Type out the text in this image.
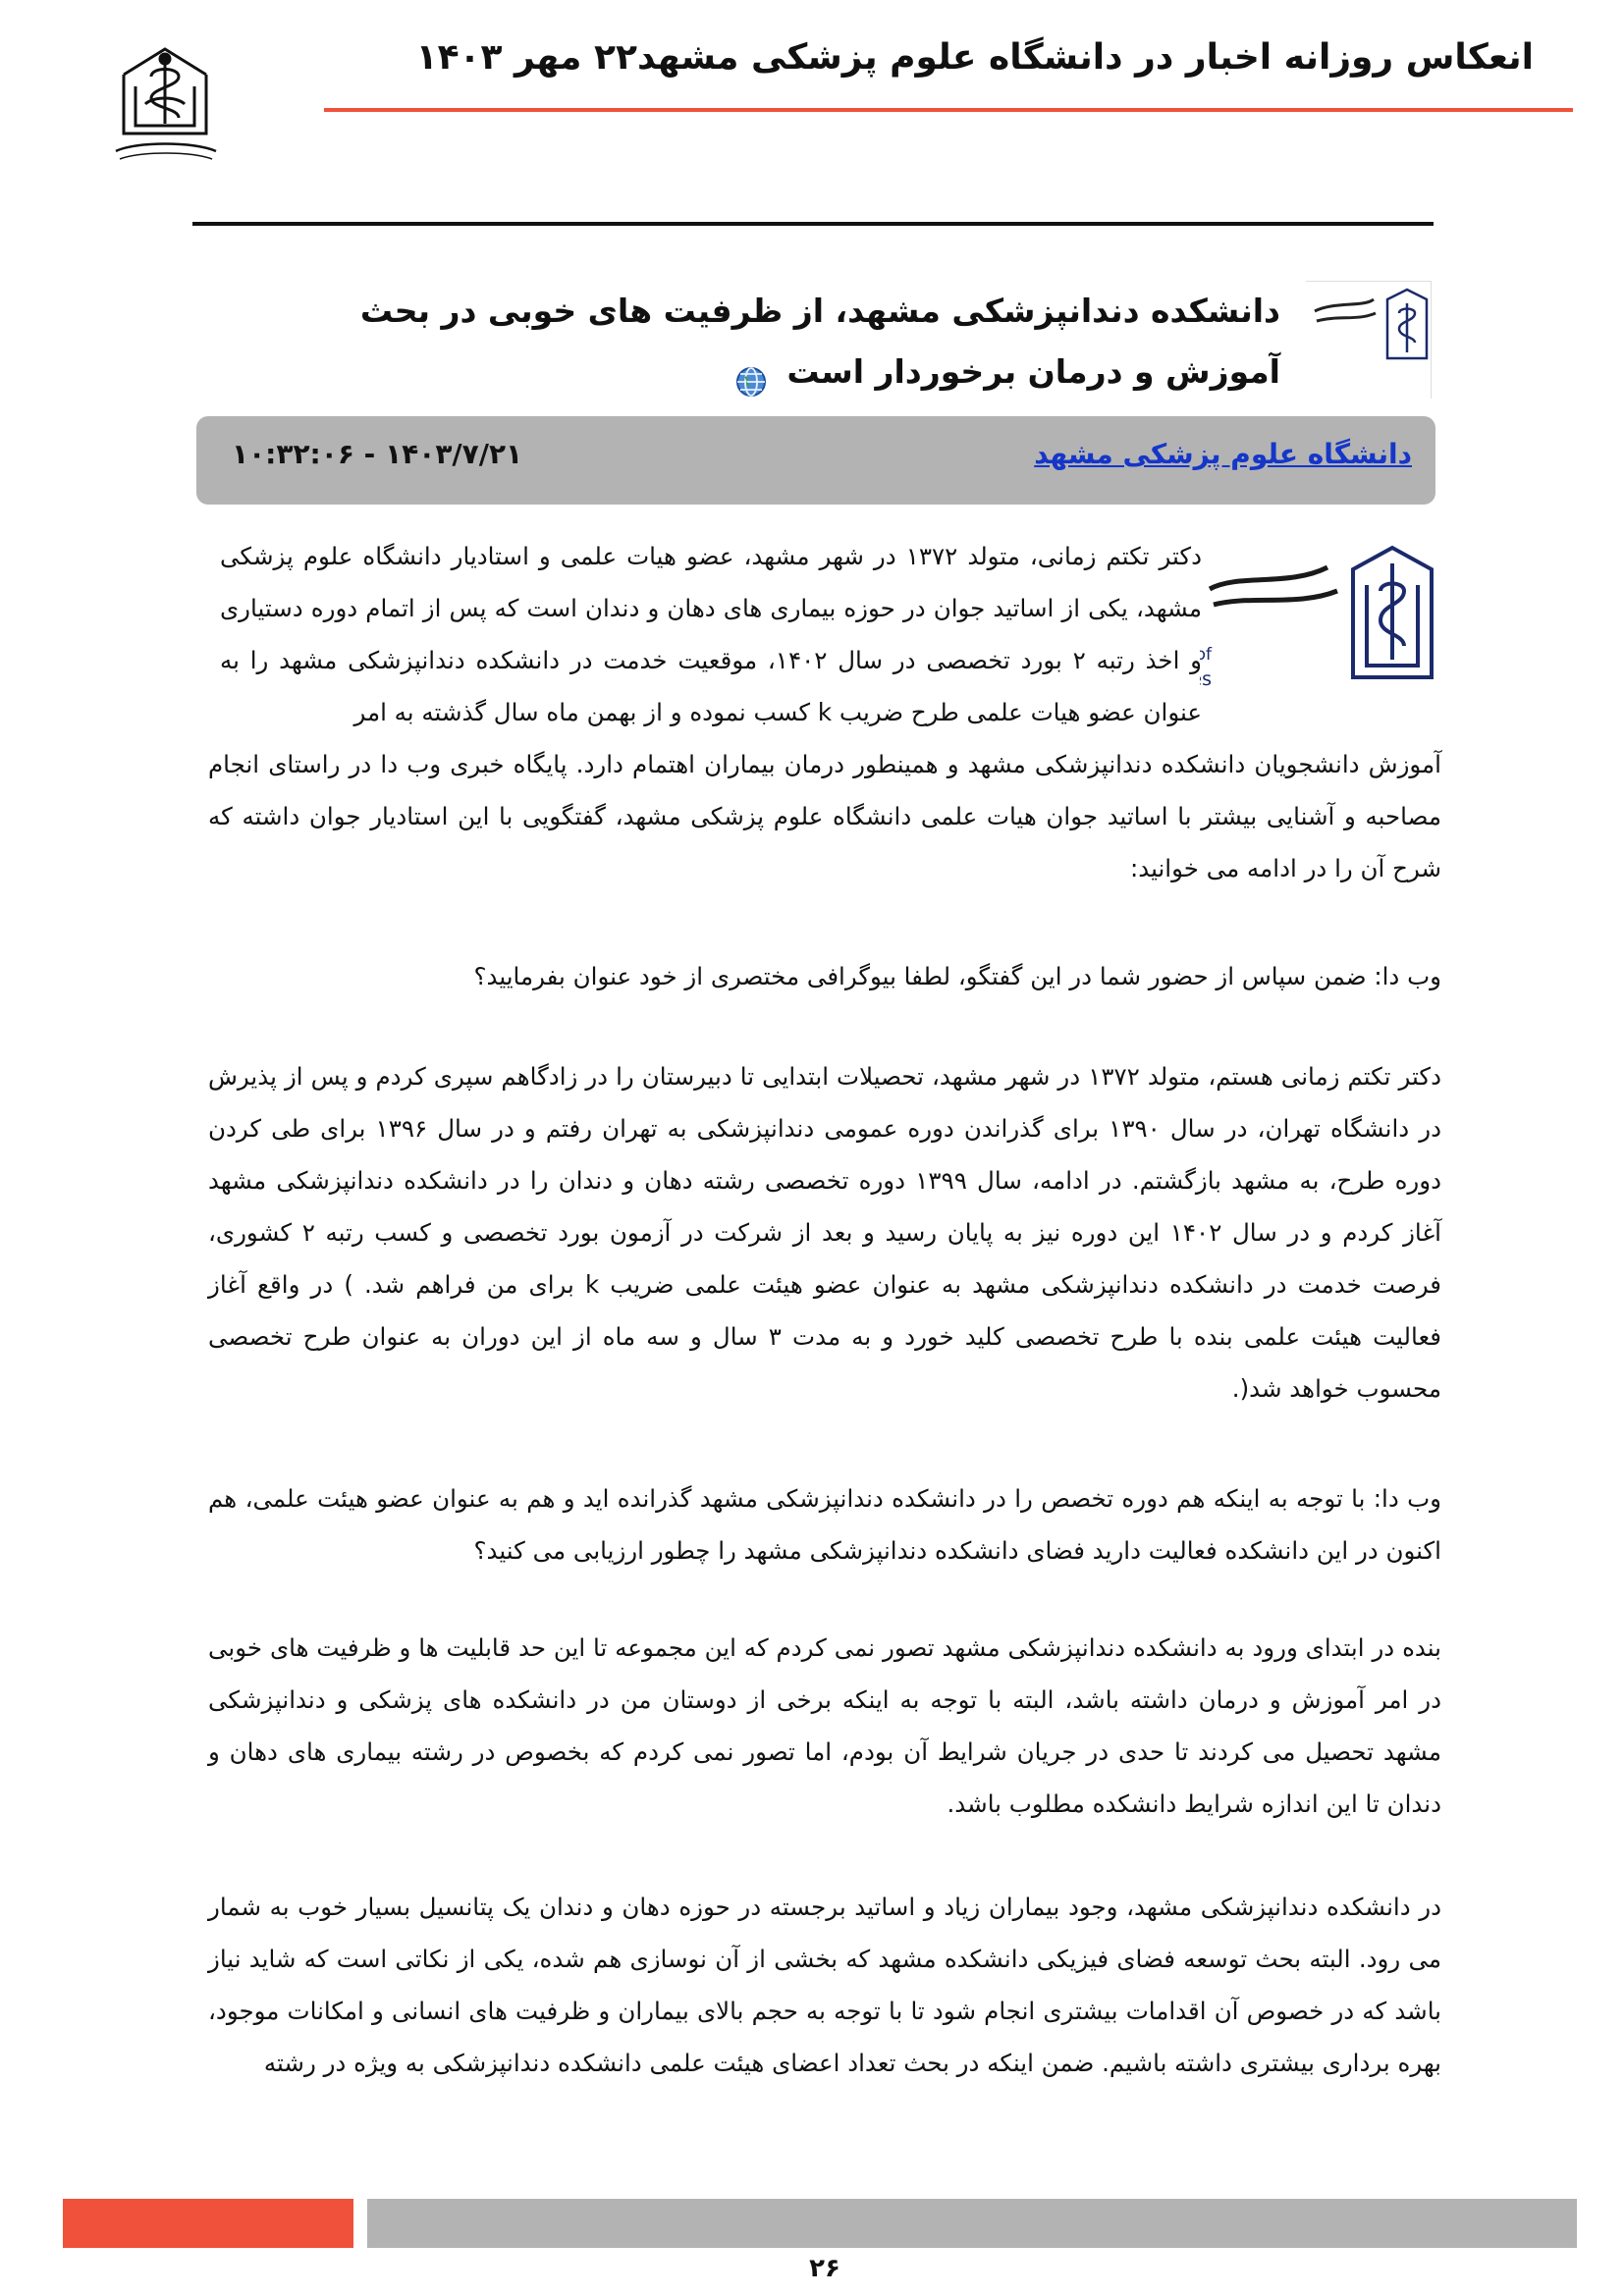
انعکاس روزانه اخبار در دانشگاه علوم پزشکی مشهد۲۲ مهر ۱۴۰۳
دانشکده دندانپزشکی مشهد، از ظرفیت های خوبی در بحث آموزش و درمان برخوردار است
دانشگاه علوم پزشکی مشهد
۱۴۰۳/۷/۲۱ - ۱۰:۳۲:۰۶
of
s

دکتر تکتم زمانی، متولد ۱۳۷۲ در شهر مشهد، عضو هیات علمی و استادیار دانشگاه علوم پزشکی مشهد، یکی از اساتید جوان در حوزه بیماری های دهان و دندان است که پس از اتمام دوره دستیاری و اخذ رتبه ۲ بورد تخصصی در سال ۱۴۰۲، موقعیت خدمت در دانشکده دندانپزشکی مشهد را به عنوان عضو هیات علمی طرح ضریب k کسب نموده و از بهمن ماه سال گذشته به امر

آموزش دانشجویان دانشکده دندانپزشکی مشهد و همینطور درمان بیماران اهتمام دارد. پایگاه خبری وب دا در راستای انجام مصاحبه و آشنایی بیشتر با اساتید جوان هیات علمی دانشگاه علوم پزشکی مشهد، گفتگویی با این استادیار جوان داشته که شرح آن را در ادامه می خوانید:

وب دا: ضمن سپاس از حضور شما در این گفتگو، لطفا بیوگرافی مختصری از خود عنوان بفرمایید؟

دکتر تکتم زمانی هستم، متولد ۱۳۷۲ در شهر مشهد، تحصیلات ابتدایی تا دبیرستان را در زادگاهم سپری کردم و پس از پذیرش در دانشگاه تهران، در سال ۱۳۹۰ برای گذراندن دوره عمومی دندانپزشکی به تهران رفتم و در سال ۱۳۹۶ برای طی کردن دوره طرح، به مشهد بازگشتم. در ادامه، سال ۱۳۹۹ دوره تخصصی رشته دهان و دندان را در دانشکده دندانپزشکی مشهد آغاز کردم و در سال ۱۴۰۲ این دوره نیز به پایان رسید و بعد از شرکت در آزمون بورد تخصصی و کسب رتبه ۲ کشوری، فرصت خدمت در دانشکده دندانپزشکی مشهد به عنوان عضو هیئت علمی ضریب k برای من فراهم شد. ) در واقع آغاز فعالیت هیئت علمی بنده با طرح تخصصی کلید خورد و به مدت ۳ سال و سه ماه از این دوران به عنوان طرح تخصصی محسوب خواهد شد(.

وب دا: با توجه به اینکه هم دوره تخصص را در دانشکده دندانپزشکی مشهد گذرانده اید و هم به عنوان عضو هیئت علمی، هم اکنون در این دانشکده فعالیت دارید فضای دانشکده دندانپزشکی مشهد را چطور ارزیابی می کنید؟

بنده در ابتدای ورود به دانشکده دندانپزشکی مشهد تصور نمی کردم که این مجموعه تا این حد قابلیت ها و ظرفیت های خوبی در امر آموزش و درمان داشته باشد، البته با توجه به اینکه برخی از دوستان من در دانشکده های پزشکی و دندانپزشکی مشهد تحصیل می کردند تا حدی در جریان شرایط آن بودم، اما تصور نمی کردم که بخصوص در رشته بیماری های دهان و دندان تا این اندازه شرایط دانشکده مطلوب باشد.

در دانشکده دندانپزشکی مشهد، وجود بیماران زیاد و اساتید برجسته در حوزه دهان و دندان یک پتانسیل بسیار خوب به شمار می رود. البته بحث توسعه فضای فیزیکی دانشکده مشهد که بخشی از آن نوسازی هم شده، یکی از نکاتی است که شاید نیاز باشد که در خصوص آن اقدامات بیشتری انجام شود تا با توجه به حجم بالای بیماران و ظرفیت های انسانی و امکانات موجود، بهره برداری بیشتری داشته باشیم. ضمن اینکه در بحث تعداد اعضای هیئت علمی دانشکده دندانپزشکی به ویژه در رشته

۲۶
